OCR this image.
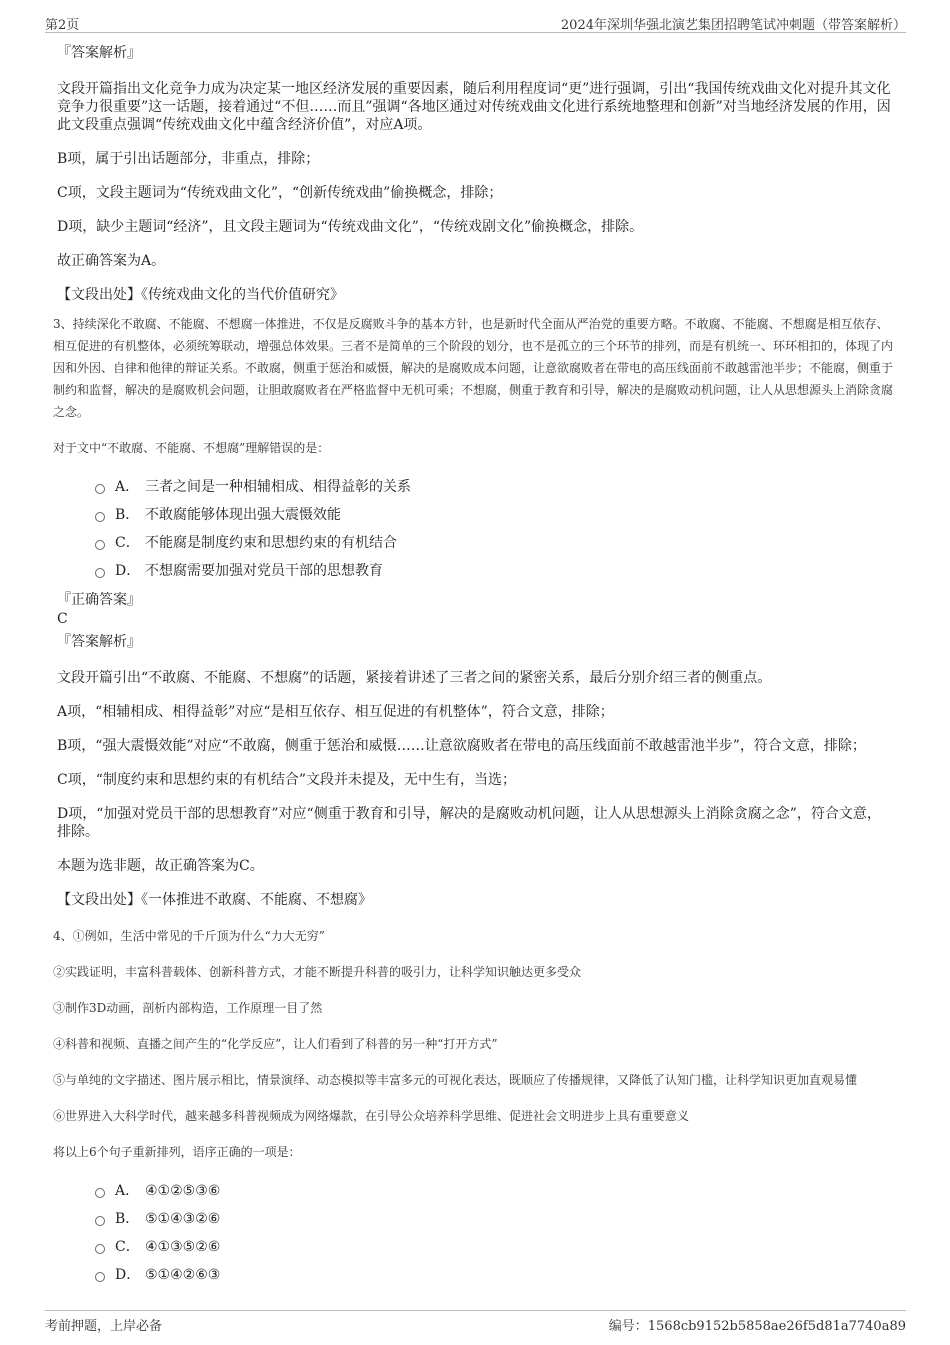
第2页	2024年深圳华强北演艺集团招聘笔试冲刺题（带答案解析）
『答案解析』
文段开篇指出文化竞争力成为决定某一地区经济发展的重要因素，随后利用程度词“更”进行强调，引出“我国传统戏曲文化对提升其文化竞争力很重要”这一话题，接着通过“不但……而且”强调“各地区通过对传统戏曲文化进行系统地整理和创新”对当地经济发展的作用，因此文段重点强调“传统戏曲文化中蕴含经济价值”，对应A项。
B项，属于引出话题部分，非重点，排除；
C项，文段主题词为“传统戏曲文化”，“创新传统戏曲”偷换概念，排除；
D项，缺少主题词“经济”，且文段主题词为“传统戏曲文化”，“传统戏剧文化”偷换概念，排除。
故正确答案为A。
【文段出处】《传统戏曲文化的当代价值研究》
3、持续深化不敢腐、不能腐、不想腐一体推进，不仅是反腐败斗争的基本方针，也是新时代全面从严治党的重要方略。不敢腐、不能腐、不想腐是相互依存、相互促进的有机整体，必须统筹联动，增强总体效果。三者不是简单的三个阶段的划分，也不是孤立的三个环节的排列，而是有机统一、环环相扣的，体现了内因和外因、自律和他律的辩证关系。不敢腐，侧重于惩治和威慑，解决的是腐败成本问题，让意欲腐败者在带电的高压线面前不敢越雷池半步；不能腐，侧重于制约和监督，解决的是腐败机会问题，让胆敢腐败者在严格监督中无机可乘；不想腐，侧重于教育和引导，解决的是腐败动机问题，让人从思想源头上消除贪腐之念。
对于文中“不敢腐、不能腐、不想腐”理解错误的是：
A． 三者之间是一种相辅相成、相得益彰的关系
B． 不敢腐能够体现出强大震慑效能
C． 不能腐是制度约束和思想约束的有机结合
D． 不想腐需要加强对党员干部的思想教育
『正确答案』
C
『答案解析』
文段开篇引出“不敢腐、不能腐、不想腐”的话题，紧接着讲述了三者之间的紧密关系，最后分别介绍三者的侧重点。
A项，“相辅相成、相得益彰”对应“是相互依存、相互促进的有机整体”，符合文意，排除；
B项，“强大震慑效能”对应“不敢腐，侧重于惩治和威慑……让意欲腐败者在带电的高压线面前不敢越雷池半步”，符合文意，排除；
C项，“制度约束和思想约束的有机结合”文段并未提及，无中生有，当选；
D项，“加强对党员干部的思想教育”对应“侧重于教育和引导，解决的是腐败动机问题，让人从思想源头上消除贪腐之念”，符合文意，排除。
本题为选非题，故正确答案为C。
【文段出处】《一体推进不敢腐、不能腐、不想腐》
4、①例如，生活中常见的千斤顶为什么“力大无穷”
②实践证明，丰富科普载体、创新科普方式，才能不断提升科普的吸引力，让科学知识触达更多受众
③制作3D动画，剖析内部构造，工作原理一目了然
④科普和视频、直播之间产生的“化学反应”，让人们看到了科普的另一种“打开方式”
⑤与单纯的文字描述、图片展示相比，情景演绎、动态模拟等丰富多元的可视化表达，既顺应了传播规律，又降低了认知门槛，让科学知识更加直观易懂
⑥世界进入大科学时代，越来越多科普视频成为网络爆款，在引导公众培养科学思维、促进社会文明进步上具有重要意义
将以上6个句子重新排列，语序正确的一项是：
A． ④①②⑤③⑥
B． ⑤①④③②⑥
C． ④①③⑤②⑥
D． ⑤①④②⑥③
考前押题，上岸必备	编号：1568cb9152b5858ae26f5d81a7740a89
